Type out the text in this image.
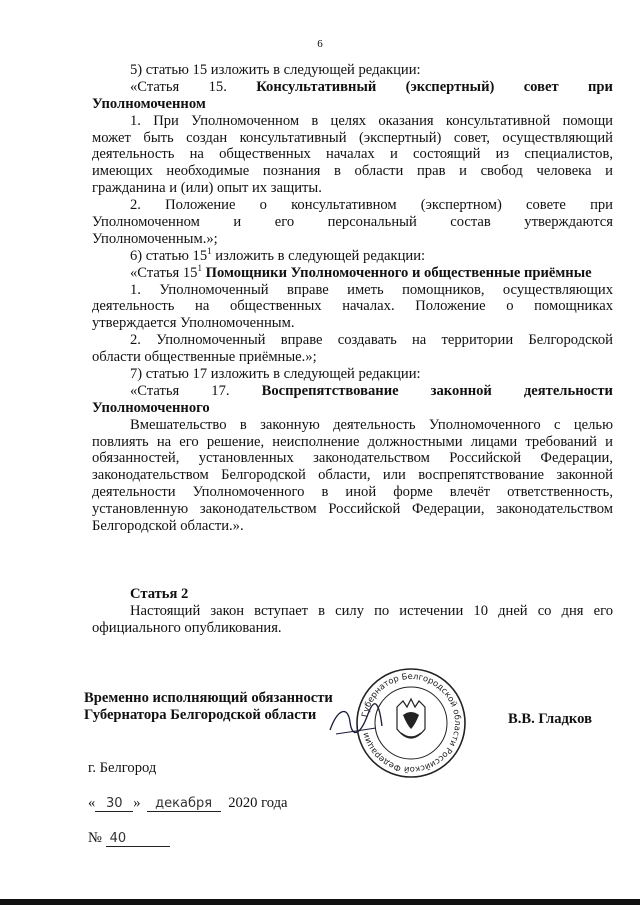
6
5) статью 15 изложить в следующей редакции:
«Статья 15. Консультативный (экспертный) совет при
Уполномоченном
1. При Уполномоченном в целях оказания консультативной помощи
может быть создан консультативный (экспертный) совет, осуществляющий
деятельность на общественных началах и состоящий из специалистов,
имеющих необходимые познания в области прав и свобод человека и
гражданина и (или) опыт их защиты.
2. Положение о консультативном (экспертном) совете при
Уполномоченном и его персональный состав утверждаются
Уполномоченным.»;
6) статью $15^1$ изложить в следующей редакции:
«Статья $15^1$ Помощники Уполномоченного и общественные приёмные
1. Уполномоченный вправе иметь помощников, осуществляющих
деятельность на общественных началах. Положение о помощниках
утверждается Уполномоченным.
2. Уполномоченный вправе создавать на территории Белгородской
области общественные приёмные.»;
7) статью 17 изложить в следующей редакции:
«Статья 17. Воспрепятствование законной деятельности
Уполномоченного
Вмешательство в законную деятельность Уполномоченного с целью
повлиять на его решение, неисполнение должностными лицами требований и
обязанностей, установленных законодательством Российской Федерации,
законодательством Белгородской области, или воспрепятствование законной
деятельности Уполномоченного в иной форме влечёт ответственность,
установленную законодательством Российской Федерации, законодательством
Белгородской области.».
Статья 2
Настоящий закон вступает в силу по истечении 10 дней со дня его
официального опубликования.
Временно исполняющий обязанности
Губернатора Белгородской области	Губернатор Белгородской области Российской Федерации
В.В. Гладков
г. Белгород
« 30 » декабря 2020 года
№ 40
